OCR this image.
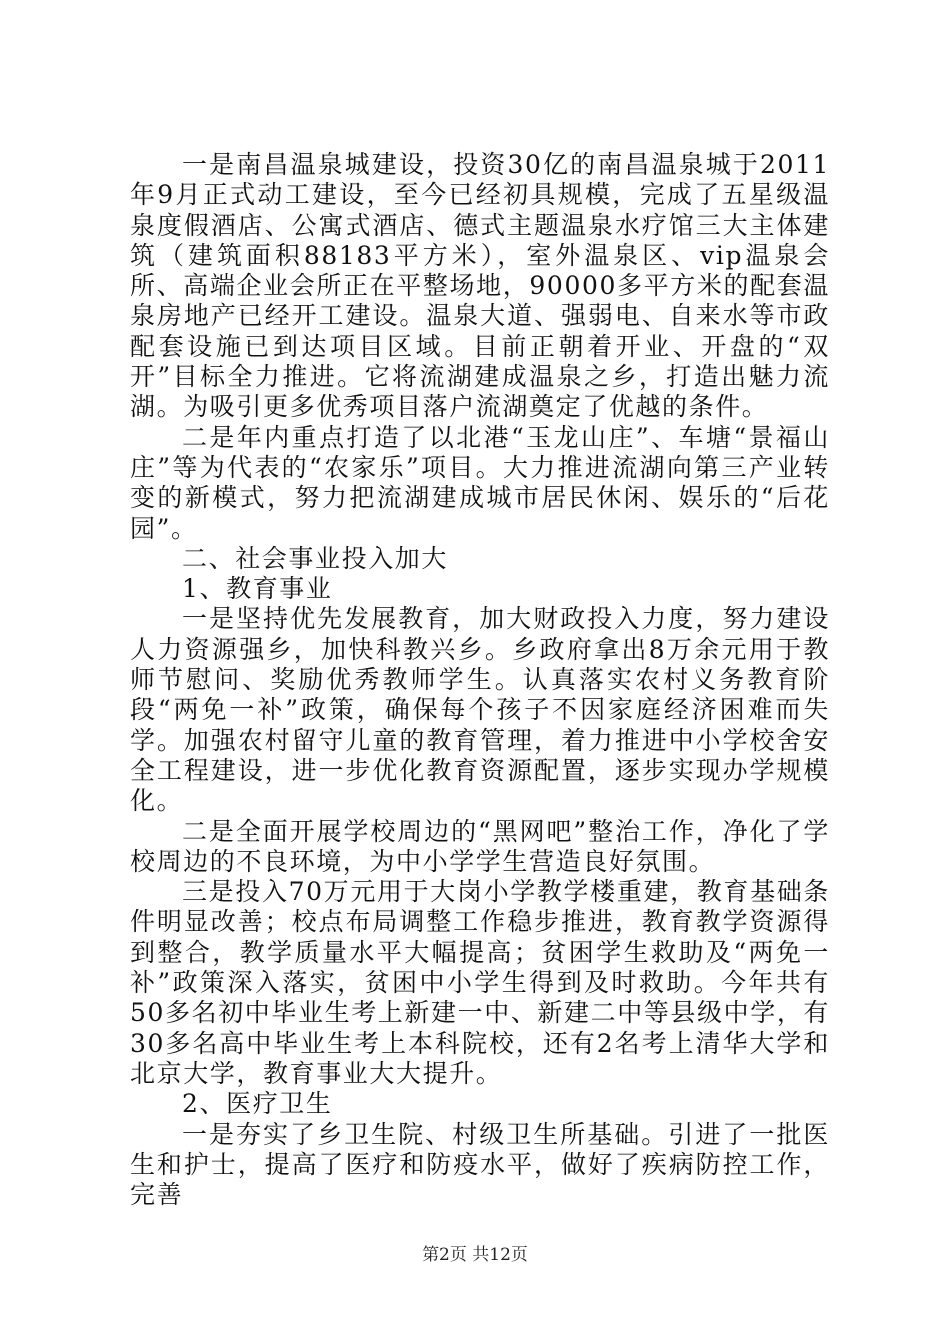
一是南昌温泉城建设，投资30亿的南昌温泉城于2011年9月正式动工建设，至今已经初具规模，完成了五星级温泉度假酒店、公寓式酒店、德式主题温泉水疗馆三大主体建筑（建筑面积88183平方米），室外温泉区、vip温泉会所、高端企业会所正在平整场地，90000多平方米的配套温泉房地产已经开工建设。温泉大道、强弱电、自来水等市政配套设施已到达项目区域。目前正朝着开业、开盘的“双开”目标全力推进。它将流湖建成温泉之乡，打造出魅力流湖。为吸引更多优秀项目落户流湖奠定了优越的条件。

二是年内重点打造了以北港“玉龙山庄”、车塘“景福山庄”等为代表的“农家乐”项目。大力推进流湖向第三产业转变的新模式，努力把流湖建成城市居民休闲、娱乐的“后花园”。

二、社会事业投入加大

1、教育事业

一是坚持优先发展教育，加大财政投入力度，努力建设人力资源强乡，加快科教兴乡。乡政府拿出8万余元用于教师节慰问、奖励优秀教师学生。认真落实农村义务教育阶段“两免一补”政策，确保每个孩子不因家庭经济困难而失学。加强农村留守儿童的教育管理，着力推进中小学校舍安全工程建设，进一步优化教育资源配置，逐步实现办学规模化。

二是全面开展学校周边的“黑网吧”整治工作，净化了学校周边的不良环境，为中小学学生营造良好氛围。

三是投入70万元用于大岗小学教学楼重建，教育基础条件明显改善；校点布局调整工作稳步推进，教育教学资源得到整合，教学质量水平大幅提高；贫困学生救助及“两免一补”政策深入落实，贫困中小学生得到及时救助。今年共有50多名初中毕业生考上新建一中、新建二中等县级中学，有30多名高中毕业生考上本科院校，还有2名考上清华大学和北京大学，教育事业大大提升。

2、医疗卫生

一是夯实了乡卫生院、村级卫生所基础。引进了一批医生和护士，提高了医疗和防疫水平，做好了疾病防控工作，完善

第2页 共12页
